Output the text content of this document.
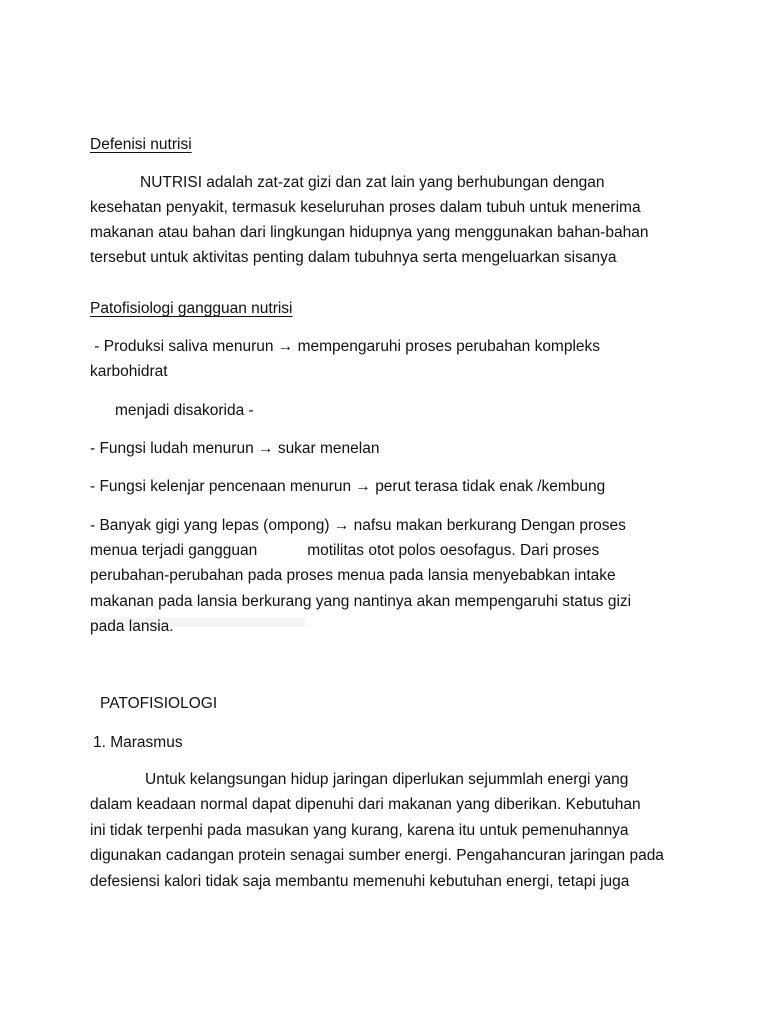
Defenisi nutrisi
NUTRISI adalah zat-zat gizi dan zat lain yang berhubungan dengan
kesehatan penyakit, termasuk keseluruhan proses dalam tubuh untuk menerima
makanan atau bahan dari lingkungan hidupnya yang menggunakan bahan-bahan
tersebut untuk aktivitas penting dalam tubuhnya serta mengeluarkan sisanya
Patofisiologi gangguan nutrisi
- Produksi saliva menurun → mempengaruhi proses perubahan kompleks
karbohidrat
menjadi disakorida -
- Fungsi ludah menurun → sukar menelan
- Fungsi kelenjar pencenaan menurun → perut terasa tidak enak /kembung
- Banyak gigi yang lepas (ompong) → nafsu makan berkurang Dengan proses
menua terjadi gangguan	motilitas otot polos oesofagus. Dari proses
perubahan-perubahan pada proses menua pada lansia menyebabkan intake
makanan pada lansia berkurang yang nantinya akan mempengaruhi status gizi
pada lansia.
PATOFISIOLOGI
1. Marasmus
Untuk kelangsungan hidup jaringan diperlukan sejummlah energi yang
dalam keadaan normal dapat dipenuhi dari makanan yang diberikan. Kebutuhan
ini tidak terpenhi pada masukan yang kurang, karena itu untuk pemenuhannya
digunakan cadangan protein senagai sumber energi. Pengahancuran jaringan pada
defesiensi kalori tidak saja membantu memenuhi kebutuhan energi, tetapi juga
